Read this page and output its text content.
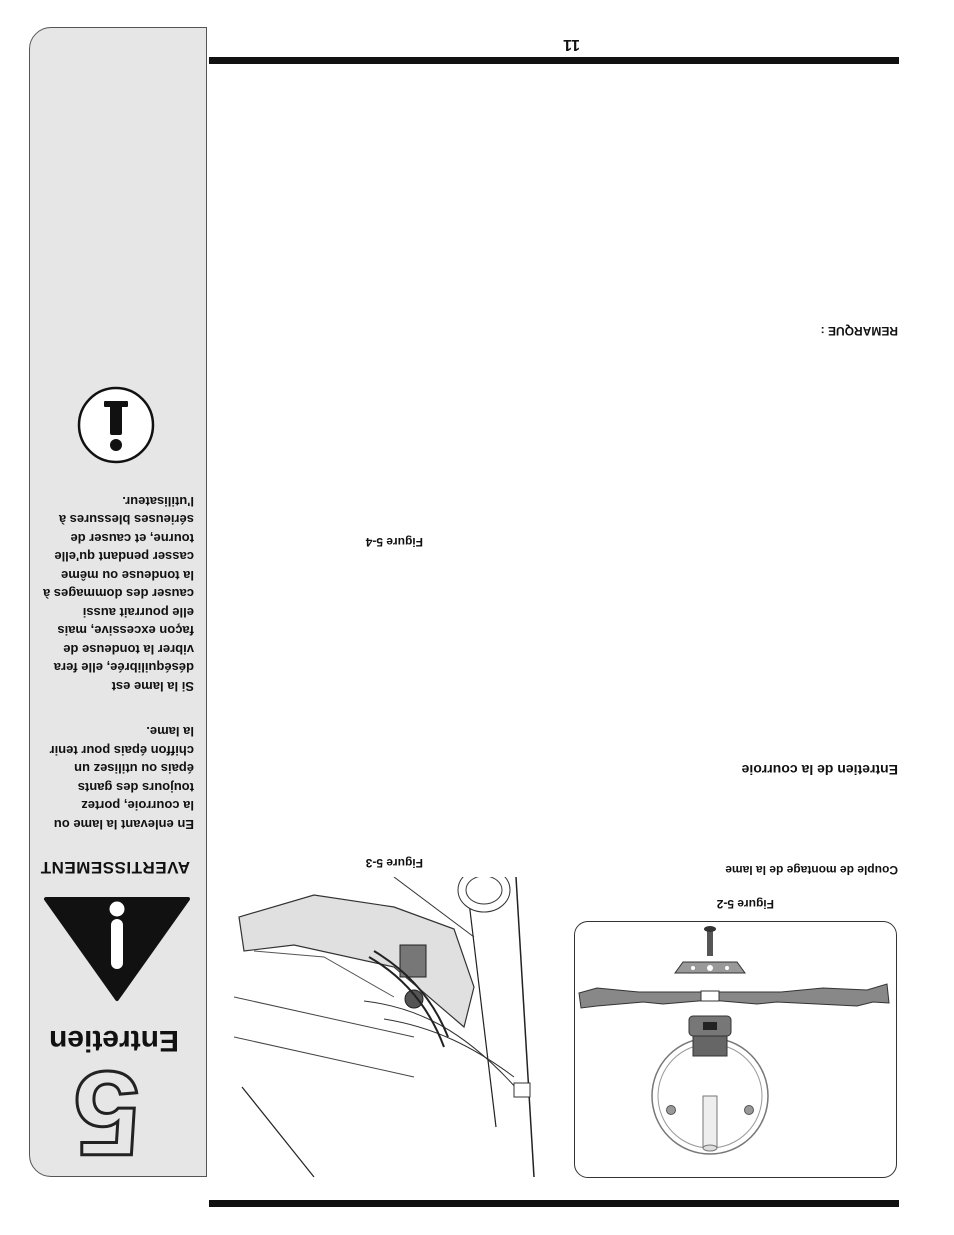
11
5
Entretien
AVERTISSEMENT
En enlevant la lame ou la courroie, portez toujours des gants épais ou utilisez un chiffon épais pour tenir la lame.
Si la lame est déséquilibrée, elle fera vibrer la tondeuse de façon excessive, mais elle pourrait aussi causer des dommages à la tondeuse ou même casser pendant qu'elle tourne, et causer de sérieuses blessures à l'utilisateur.
Figure 5-2
Couple de montage de la lame
Figure 5-3
Entretien de la courroie
Figure 5-4
REMARQUE :
